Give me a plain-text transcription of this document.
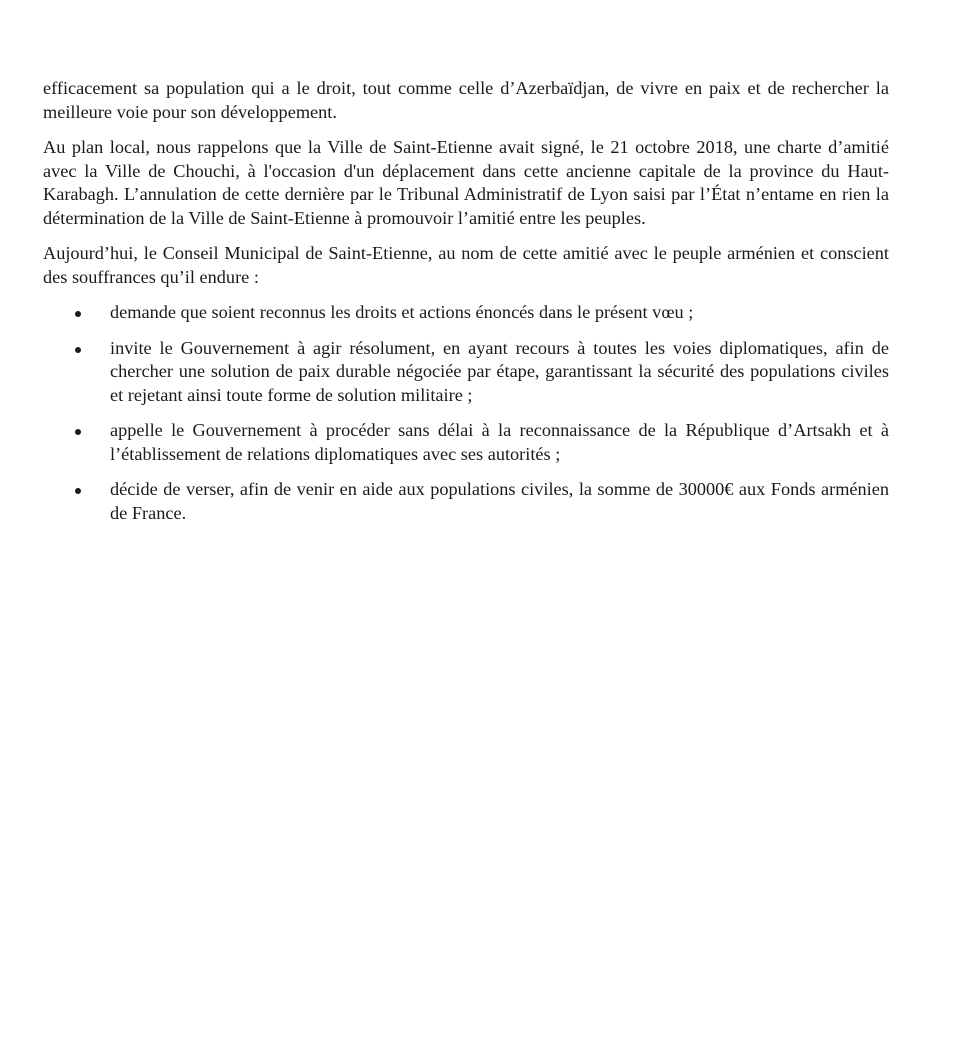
efficacement sa population qui a le droit, tout comme celle d’Azerbaïdjan, de vivre en paix et de rechercher la meilleure voie pour son développement.

Au plan local, nous rappelons que la Ville de Saint-Etienne avait signé, le 21 octobre 2018, une charte d’amitié avec la Ville de Chouchi, à l'occasion d'un déplacement dans cette ancienne capitale de la province du Haut-Karabagh. L’annulation de cette dernière par le Tribunal Administratif de Lyon saisi par l’État n’entame en rien la détermination de la Ville de Saint-Etienne à promouvoir l’amitié entre les peuples.

Aujourd’hui, le Conseil Municipal de Saint-Etienne, au nom de cette amitié avec le peuple arménien et conscient des souffrances qu’il endure :

demande que soient reconnus les droits et actions énoncés dans le présent vœu ;
invite le Gouvernement à agir résolument, en ayant recours à toutes les voies diplomatiques, afin de chercher une solution de paix durable négociée par étape, garantissant la sécurité des populations civiles et rejetant ainsi toute forme de solution militaire ;
appelle le Gouvernement à procéder sans délai à la reconnaissance de la République d’Artsakh et à l’établissement de relations diplomatiques avec ses autorités ;
décide de verser, afin de venir en aide aux populations civiles, la somme de 30000€ aux Fonds arménien de France.
